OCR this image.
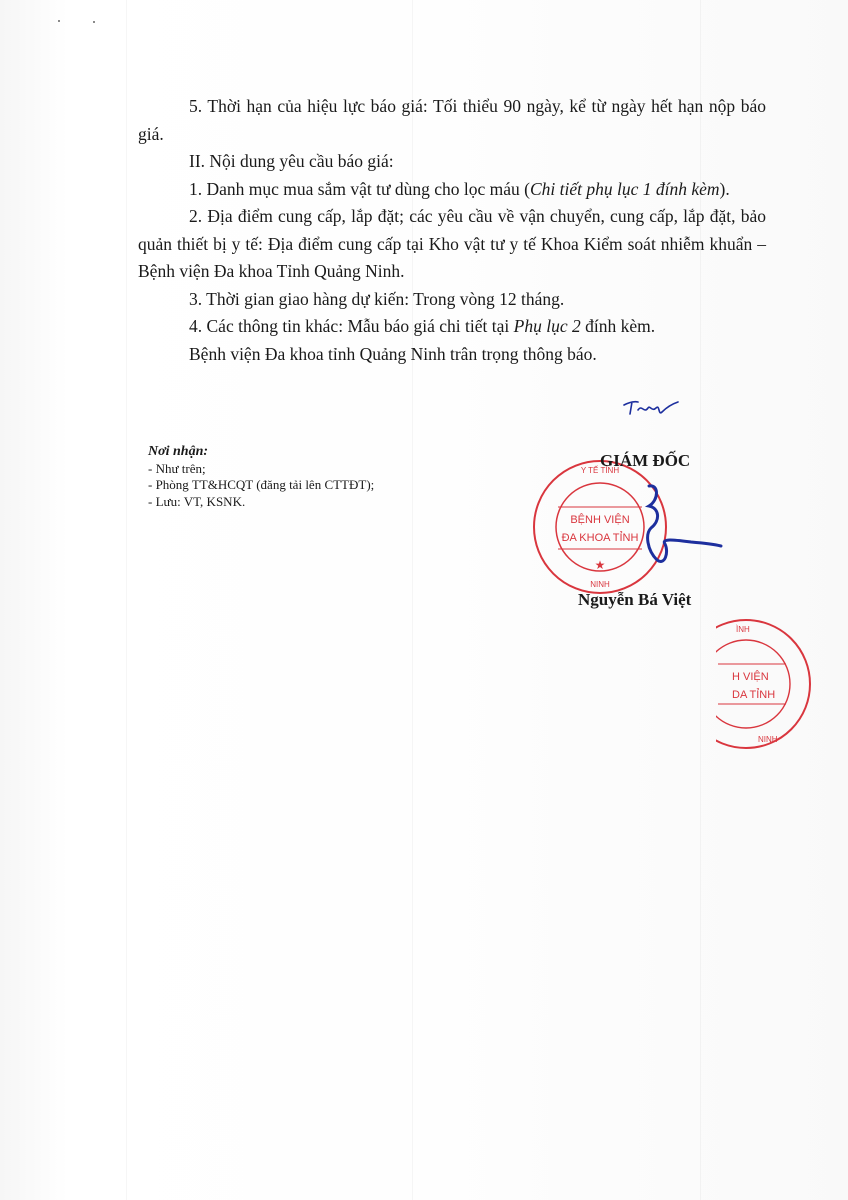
5. Thời hạn của hiệu lực báo giá: Tối thiểu 90 ngày, kể từ ngày hết hạn nộp báo giá.

II. Nội dung yêu cầu báo giá:

1. Danh mục mua sắm vật tư dùng cho lọc máu (Chi tiết phụ lục 1 đính kèm).

2. Địa điểm cung cấp, lắp đặt; các yêu cầu về vận chuyển, cung cấp, lắp đặt, bảo quản thiết bị y tế: Địa điểm cung cấp tại Kho vật tư y tế Khoa Kiểm soát nhiễm khuẩn – Bệnh viện Đa khoa Tỉnh Quảng Ninh.

3. Thời gian giao hàng dự kiến: Trong vòng 12 tháng.

4. Các thông tin khác: Mẫu báo giá chi tiết tại Phụ lục 2 đính kèm.

Bệnh viện Đa khoa tỉnh Quảng Ninh trân trọng thông báo.

Nơi nhận:
- Như trên;
- Phòng TT&HCQT (đăng tải lên CTTĐT);
- Lưu: VT, KSNK.
BỆNH VIỆN
ĐA KHOA TỈNH
Y TẾ TỈNH
NINH
★
GIÁM ĐỐC
Nguyễn Bá Việt
H VIỆN
DA TỈNH
ÌNH
NINH
